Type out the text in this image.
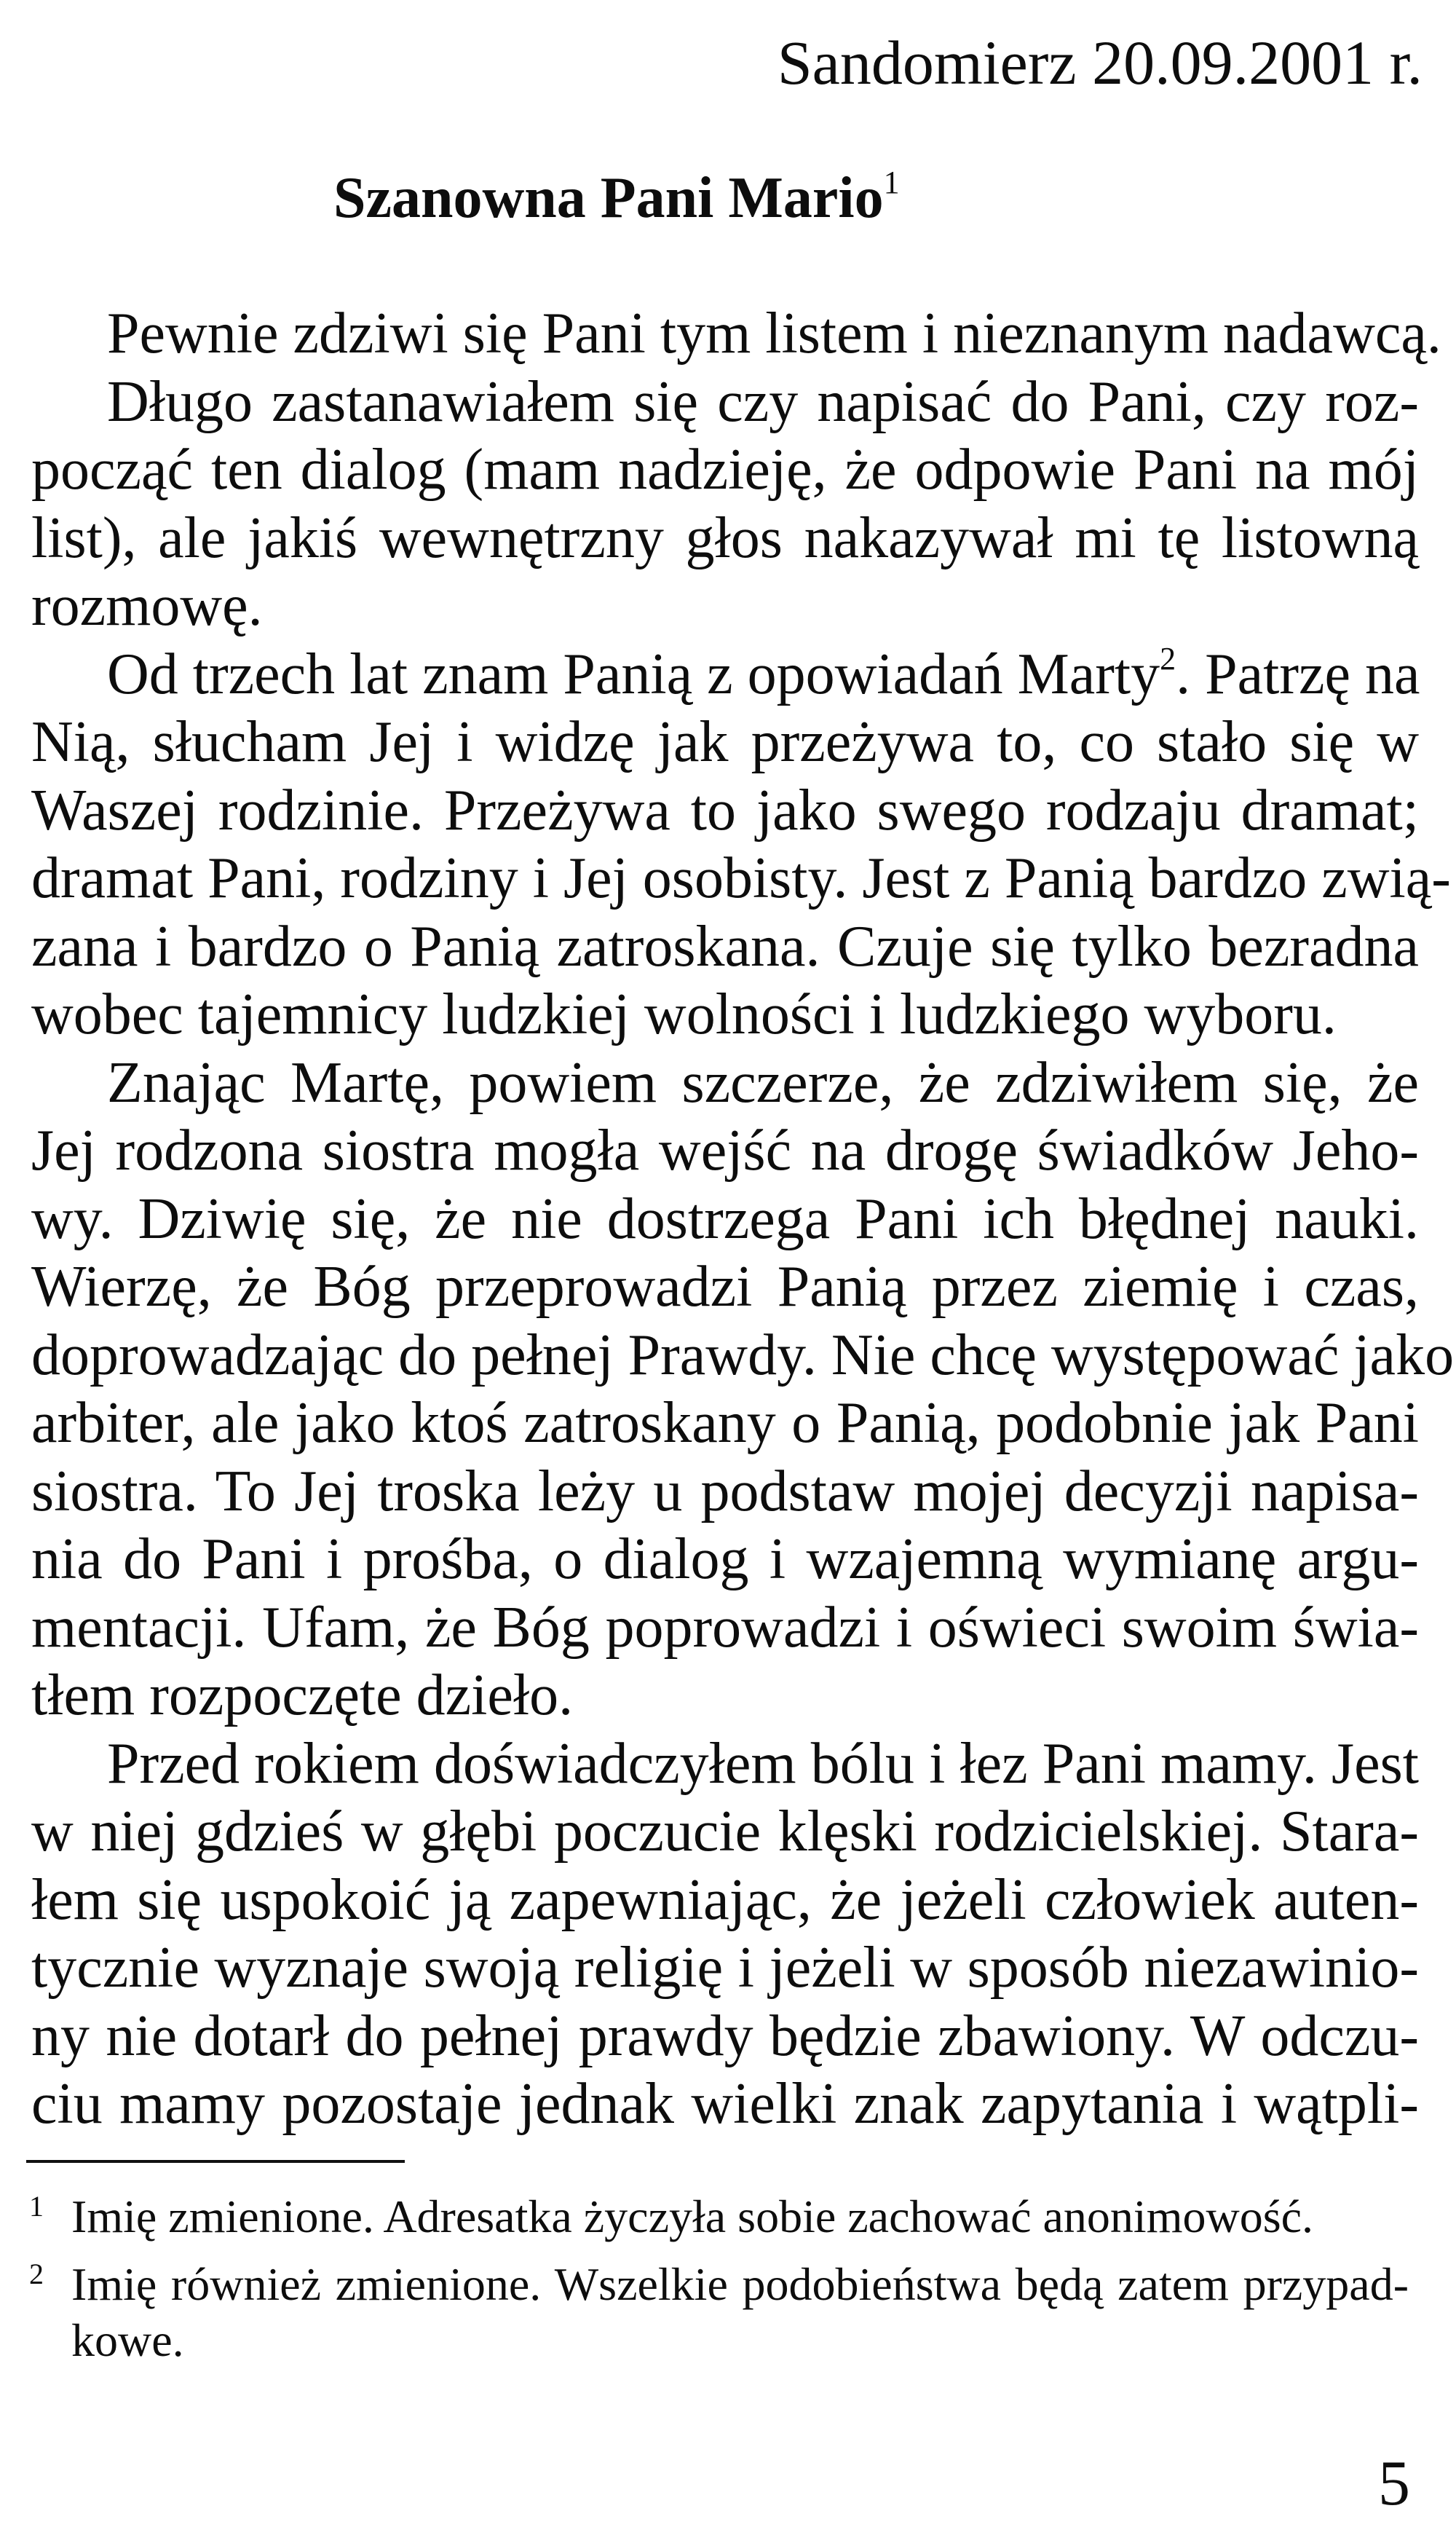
Sandomierz 20.09.2001 r.
Szanowna Pani Mario$^1$
Pewnie zdziwi się Pani tym listem i nieznanym nadawcą.
Długo zastanawiałem się czy napisać do Pani, czy roz-
począć ten dialog (mam nadzieję, że odpowie Pani na mój
list), ale jakiś wewnętrzny głos nakazywał mi tę listowną
rozmowę.
Od trzech lat znam Panią z opowiadań Marty$^2$. Patrzę na
Nią, słucham Jej i widzę jak przeżywa to, co stało się w
Waszej rodzinie. Przeżywa to jako swego rodzaju dramat;
dramat Pani, rodziny i Jej osobisty. Jest z Panią bardzo zwią-
zana i bardzo o Panią zatroskana. Czuje się tylko bezradna
wobec tajemnicy ludzkiej wolności i ludzkiego wyboru.
Znając Martę, powiem szczerze, że zdziwiłem się, że
Jej rodzona siostra mogła wejść na drogę świadków Jeho-
wy. Dziwię się, że nie dostrzega Pani ich błędnej nauki.
Wierzę, że Bóg przeprowadzi Panią przez ziemię i czas,
doprowadzając do pełnej Prawdy. Nie chcę występować jako
arbiter, ale jako ktoś zatroskany o Panią, podobnie jak Pani
siostra. To Jej troska leży u podstaw mojej decyzji napisa-
nia do Pani i prośba, o dialog i wzajemną wymianę argu-
mentacji. Ufam, że Bóg poprowadzi i oświeci swoim świa-
tłem rozpoczęte dzieło.
Przed rokiem doświadczyłem bólu i łez Pani mamy. Jest
w niej gdzieś w głębi poczucie klęski rodzicielskiej. Stara-
łem się uspokoić ją zapewniając, że jeżeli człowiek auten-
tycznie wyznaje swoją religię i jeżeli w sposób niezawinio-
ny nie dotarł do pełnej prawdy będzie zbawiony. W odczu-
ciu mamy pozostaje jednak wielki znak zapytania i wątpli-
1 Imię zmienione. Adresatka życzyła sobie zachować anonimowość.
2 Imię również zmienione. Wszelkie podobieństwa będą zatem przypad-
kowe.
5
